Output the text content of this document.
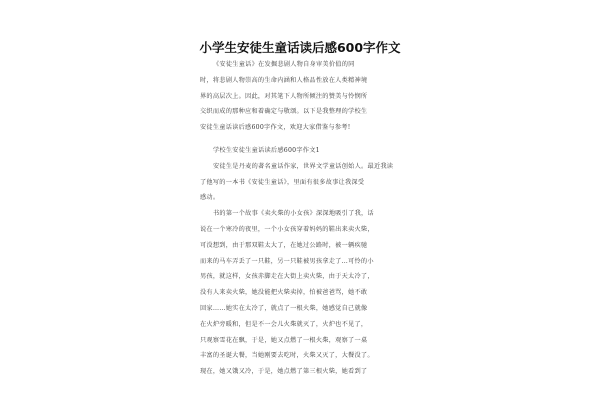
小学生安徒生童话读后感600字作文
《安徒生童话》在发掘悲剧人物自身审美价值的同
时，将悲剧人物崇高的生命内涵和人格品性放在人类精神境
界的高层次上。因此，对其笔下人物所倾注的赞美与怜悯所
交织而成的那种应和着确定与敬颂。以下是我整理的学校生
安徒生童话读后感600字作文，欢迎大家借鉴与参考!
学校生安徒生童话读后感600字作文1
安徒生是丹麦的著名童话作家，世界文学童话创始人。最近我读
了他写的一本书《安徒生童话》，里面有很多故事让我深受
感动。
书的第一个故事《卖火柴的小女孩》深深地吸引了我，话
说在一个寒冷的夜里，一个小女孩穿着妈妈的鞋出来卖火柴，
可没想到，由于那双鞋太大了，在她过公路时，被一辆疾驰
而来的马车弄丢了一只鞋，另一只鞋被男孩拿走了…可怜的小
男孩，就这样，女孩赤脚走在大街上卖火柴，由于天太冷了，
没有人来卖火柴，她没能把火柴卖掉，怕被爸爸骂，她不敢
回家……她实在太冷了，就点了一根火柴，她感觉自己就像
在火炉旁暖和，但是不一会儿火柴就灭了，火炉也不见了，
只观察雪花在飘，于是，她又点燃了一根火柴，观察了一桌
丰富的圣诞大餐，当她刚要去吃时，火柴又灭了，大餐没了。
现在，她又饿又冷，于是，她点燃了第三根火柴，她看到了
